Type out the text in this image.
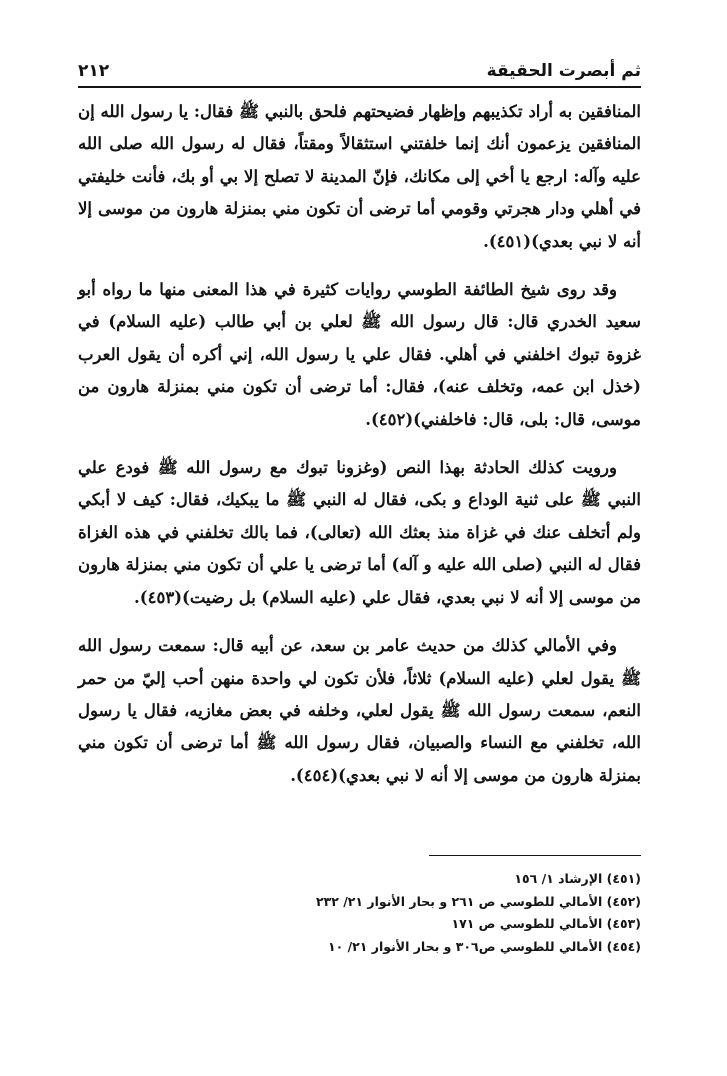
ثم أبصرت الحقيقة
٢١٢

المنافقين به أراد تكذيبهم وإظهار فضيحتهم فلحق بالنبي ﷺ فقال: يا رسول الله إن المنافقين يزعمون أنك إنما خلفتني استثقالاً ومقتاً، فقال له رسول الله صلى الله عليه وآله: ارجع يا أخي إلى مكانك، فإنّ المدينة لا تصلح إلا بي أو بك، فأنت خليفتي في أهلي ودار هجرتي وقومي أما ترضى أن تكون مني بمنزلة هارون من موسى إلا أنه لا نبي بعدي)(٤٥١).

وقد روى شيخ الطائفة الطوسي روايات كثيرة في هذا المعنى منها ما رواه أبو سعيد الخدري قال: قال رسول الله ﷺ لعلي بن أبي طالب (عليه السلام) في غزوة تبوك اخلفني في أهلي. فقال علي يا رسول الله، إني أكره أن يقول العرب (خذل ابن عمه، وتخلف عنه)، فقال: أما ترضى أن تكون مني بمنزلة هارون من موسى، قال: بلى، قال: فاخلفني)(٤٥٢).

ورويت كذلك الحادثة بهذا النص (وغزونا تبوك مع رسول الله ﷺ فودع علي النبي ﷺ على ثنية الوداع و بكى، فقال له النبي ﷺ ما يبكيك، فقال: كيف لا أبكي ولم أتخلف عنك في غزاة منذ بعثك الله (تعالى)، فما بالك تخلفني في هذه الغزاة فقال له النبي (صلى الله عليه و آله) أما ترضى يا علي أن تكون مني بمنزلة هارون من موسى إلا أنه لا نبي بعدي، فقال علي (عليه السلام) بل رضيت)(٤٥٣).

وفي الأمالي كذلك من حديث عامر بن سعد، عن أبيه قال: سمعت رسول الله ﷺ يقول لعلي (عليه السلام) ثلاثاً، فلأن تكون لي واحدة منهن أحب إليّ من حمر النعم، سمعت رسول الله ﷺ يقول لعلي، وخلفه في بعض مغازيه، فقال يا رسول الله، تخلفني مع النساء والصبيان، فقال رسول الله ﷺ أما ترضى أن تكون مني بمنزلة هارون من موسى إلا أنه لا نبي بعدي)(٤٥٤).

(٤٥١) الإرشاد ١/ ١٥٦
(٤٥٢) الأمالي للطوسي ص ٢٦١ و بحار الأنوار ٢١/ ٢٣٢
(٤٥٣) الأمالي للطوسي ص ١٧١
(٤٥٤) الأمالي للطوسي ص٣٠٦ و بحار الأنوار ٢١/ ١٠
